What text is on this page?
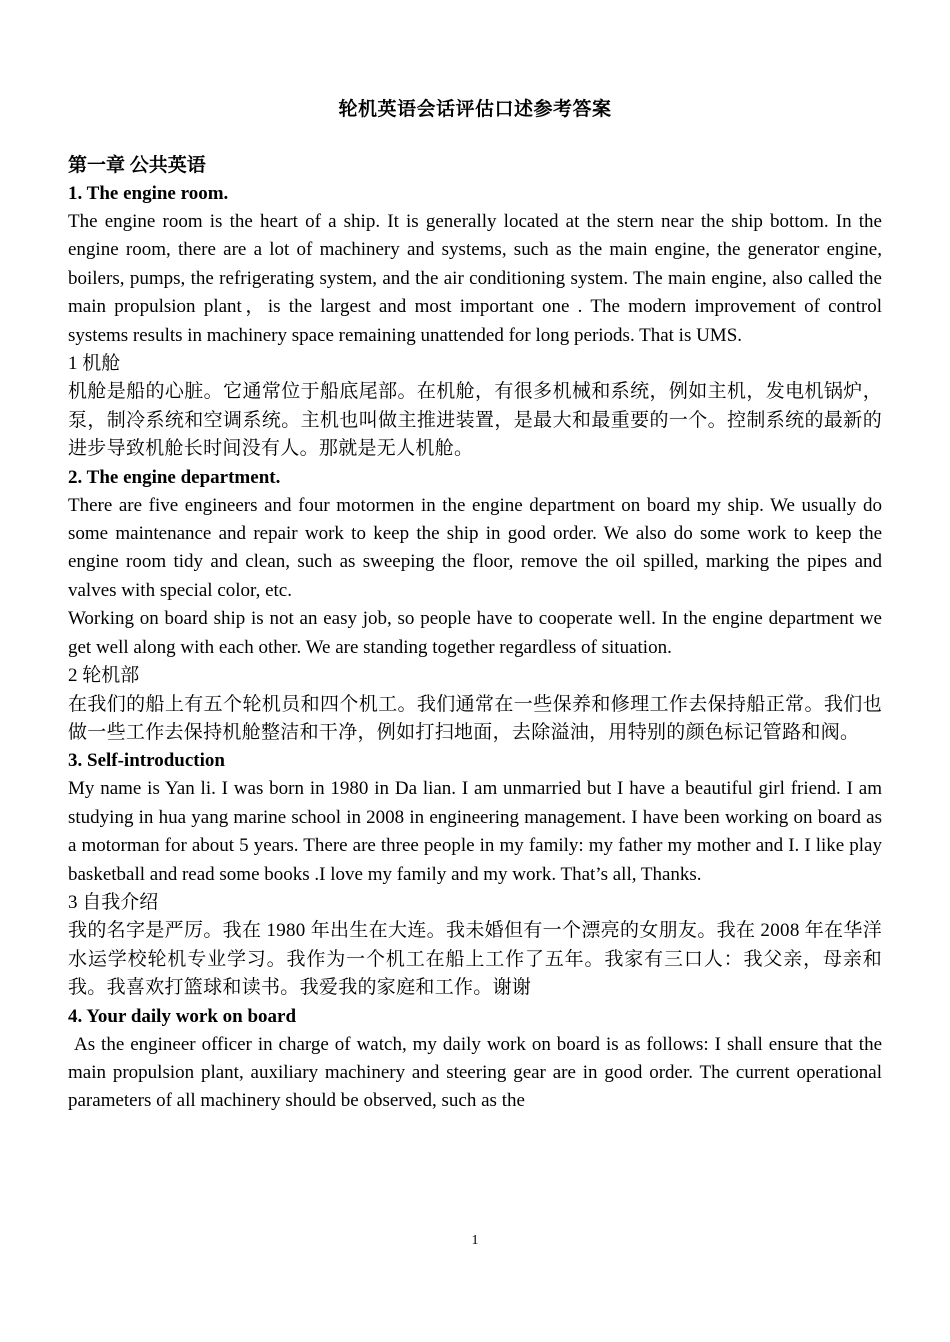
轮机英语会话评估口述参考答案

第一章 公共英语

1. The engine room.

The engine room is the heart of a ship. It is generally located at the stern near the ship bottom. In the engine room, there are a lot of machinery and systems, such as the main engine, the generator engine, boilers, pumps, the refrigerating system, and the air conditioning system. The main engine, also called the main propulsion plant，is the largest and most important one . The modern improvement of control systems results in machinery space remaining unattended for long periods. That is UMS.

1 机舱

机舱是船的心脏。它通常位于船底尾部。在机舱，有很多机械和系统，例如主机，发电机锅炉，泵，制冷系统和空调系统。主机也叫做主推进装置，是最大和最重要的一个。控制系统的最新的进步导致机舱长时间没有人。那就是无人机舱。

2. The engine department.

There are five engineers and four motormen in the engine department on board my ship. We usually do some maintenance and repair work to keep the ship in good order. We also do some work to keep the engine room tidy and clean, such as sweeping the floor, remove the oil spilled, marking the pipes and valves with special color, etc.

Working on board ship is not an easy job, so people have to cooperate well. In the engine department we get well along with each other. We are standing together regardless of situation.

2 轮机部

在我们的船上有五个轮机员和四个机工。我们通常在一些保养和修理工作去保持船正常。我们也做一些工作去保持机舱整洁和干净，例如打扫地面，去除溢油，用特别的颜色标记管路和阀。

3. Self-introduction

My name is Yan li. I was born in 1980 in Da lian. I am unmarried but I have a beautiful girl friend. I am studying in hua yang marine school in 2008 in engineering management. I have been working on board as a motorman for about 5 years. There are three people in my family: my father my mother and I. I like play basketball and read some books .I love my family and my work. That’s all, Thanks.

3 自我介绍

我的名字是严厉。我在 1980 年出生在大连。我未婚但有一个漂亮的女朋友。我在 2008 年在华洋水运学校轮机专业学习。我作为一个机工在船上工作了五年。我家有三口人：我父亲，母亲和我。我喜欢打篮球和读书。我爱我的家庭和工作。谢谢

4. Your daily work on board

As the engineer officer in charge of watch, my daily work on board is as follows: I shall ensure that the main propulsion plant, auxiliary machinery and steering gear are in good order. The current operational parameters of all machinery should be observed, such as the

1
